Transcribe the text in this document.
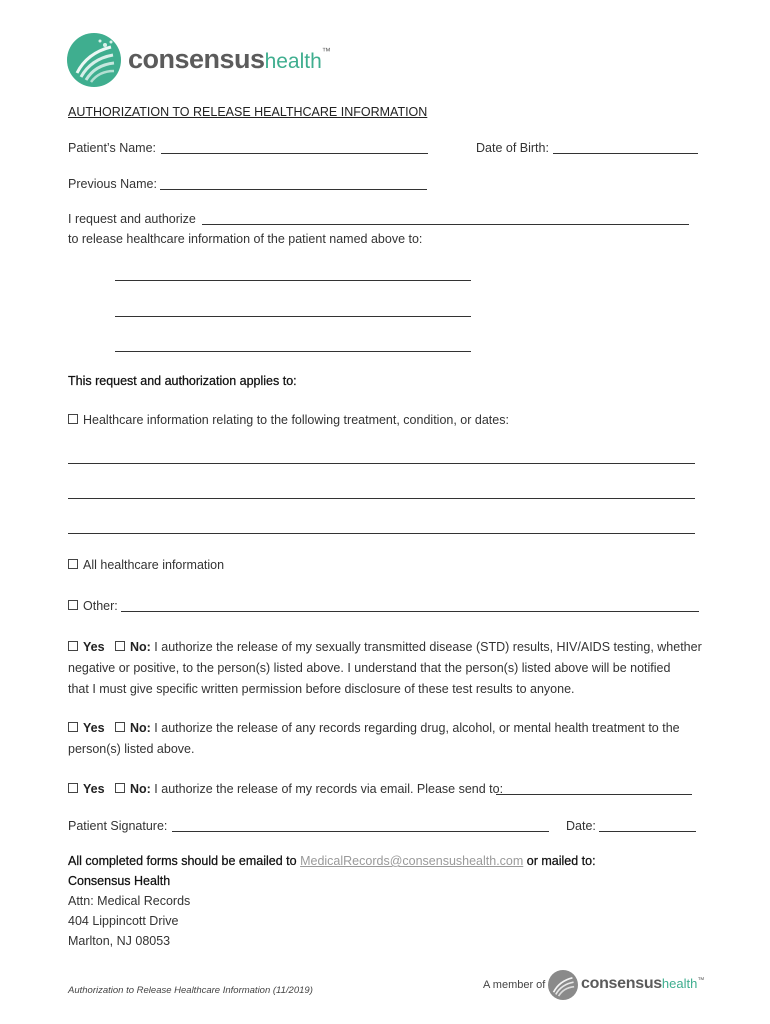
consensushealth™
AUTHORIZATION TO RELEASE HEALTHCARE INFORMATION
Patient’s Name:	Date of Birth:
Previous Name:
I request and authorize
to release healthcare information of the patient named above to:
This request and authorization applies to:
Healthcare information relating to the following treatment, condition, or dates:
All healthcare information
Other:
Yes No: I authorize the release of my sexually transmitted disease (STD) results, HIV/AIDS testing, whether
negative or positive, to the person(s) listed above. I understand that the person(s) listed above will be notified
that I must give specific written permission before disclosure of these test results to anyone.
Yes No: I authorize the release of any records regarding drug, alcohol, or mental health treatment to the
person(s) listed above.
Yes No: I authorize the release of my records via email. Please send to:
Patient Signature:	Date:
All completed forms should be emailed to MedicalRecords@consensushealth.com or mailed to:
Consensus Health
Attn: Medical Records
404 Lippincott Drive
Marlton, NJ 08053
Authorization to Release Healthcare Information (11/2019)	A member of consensushealth™
